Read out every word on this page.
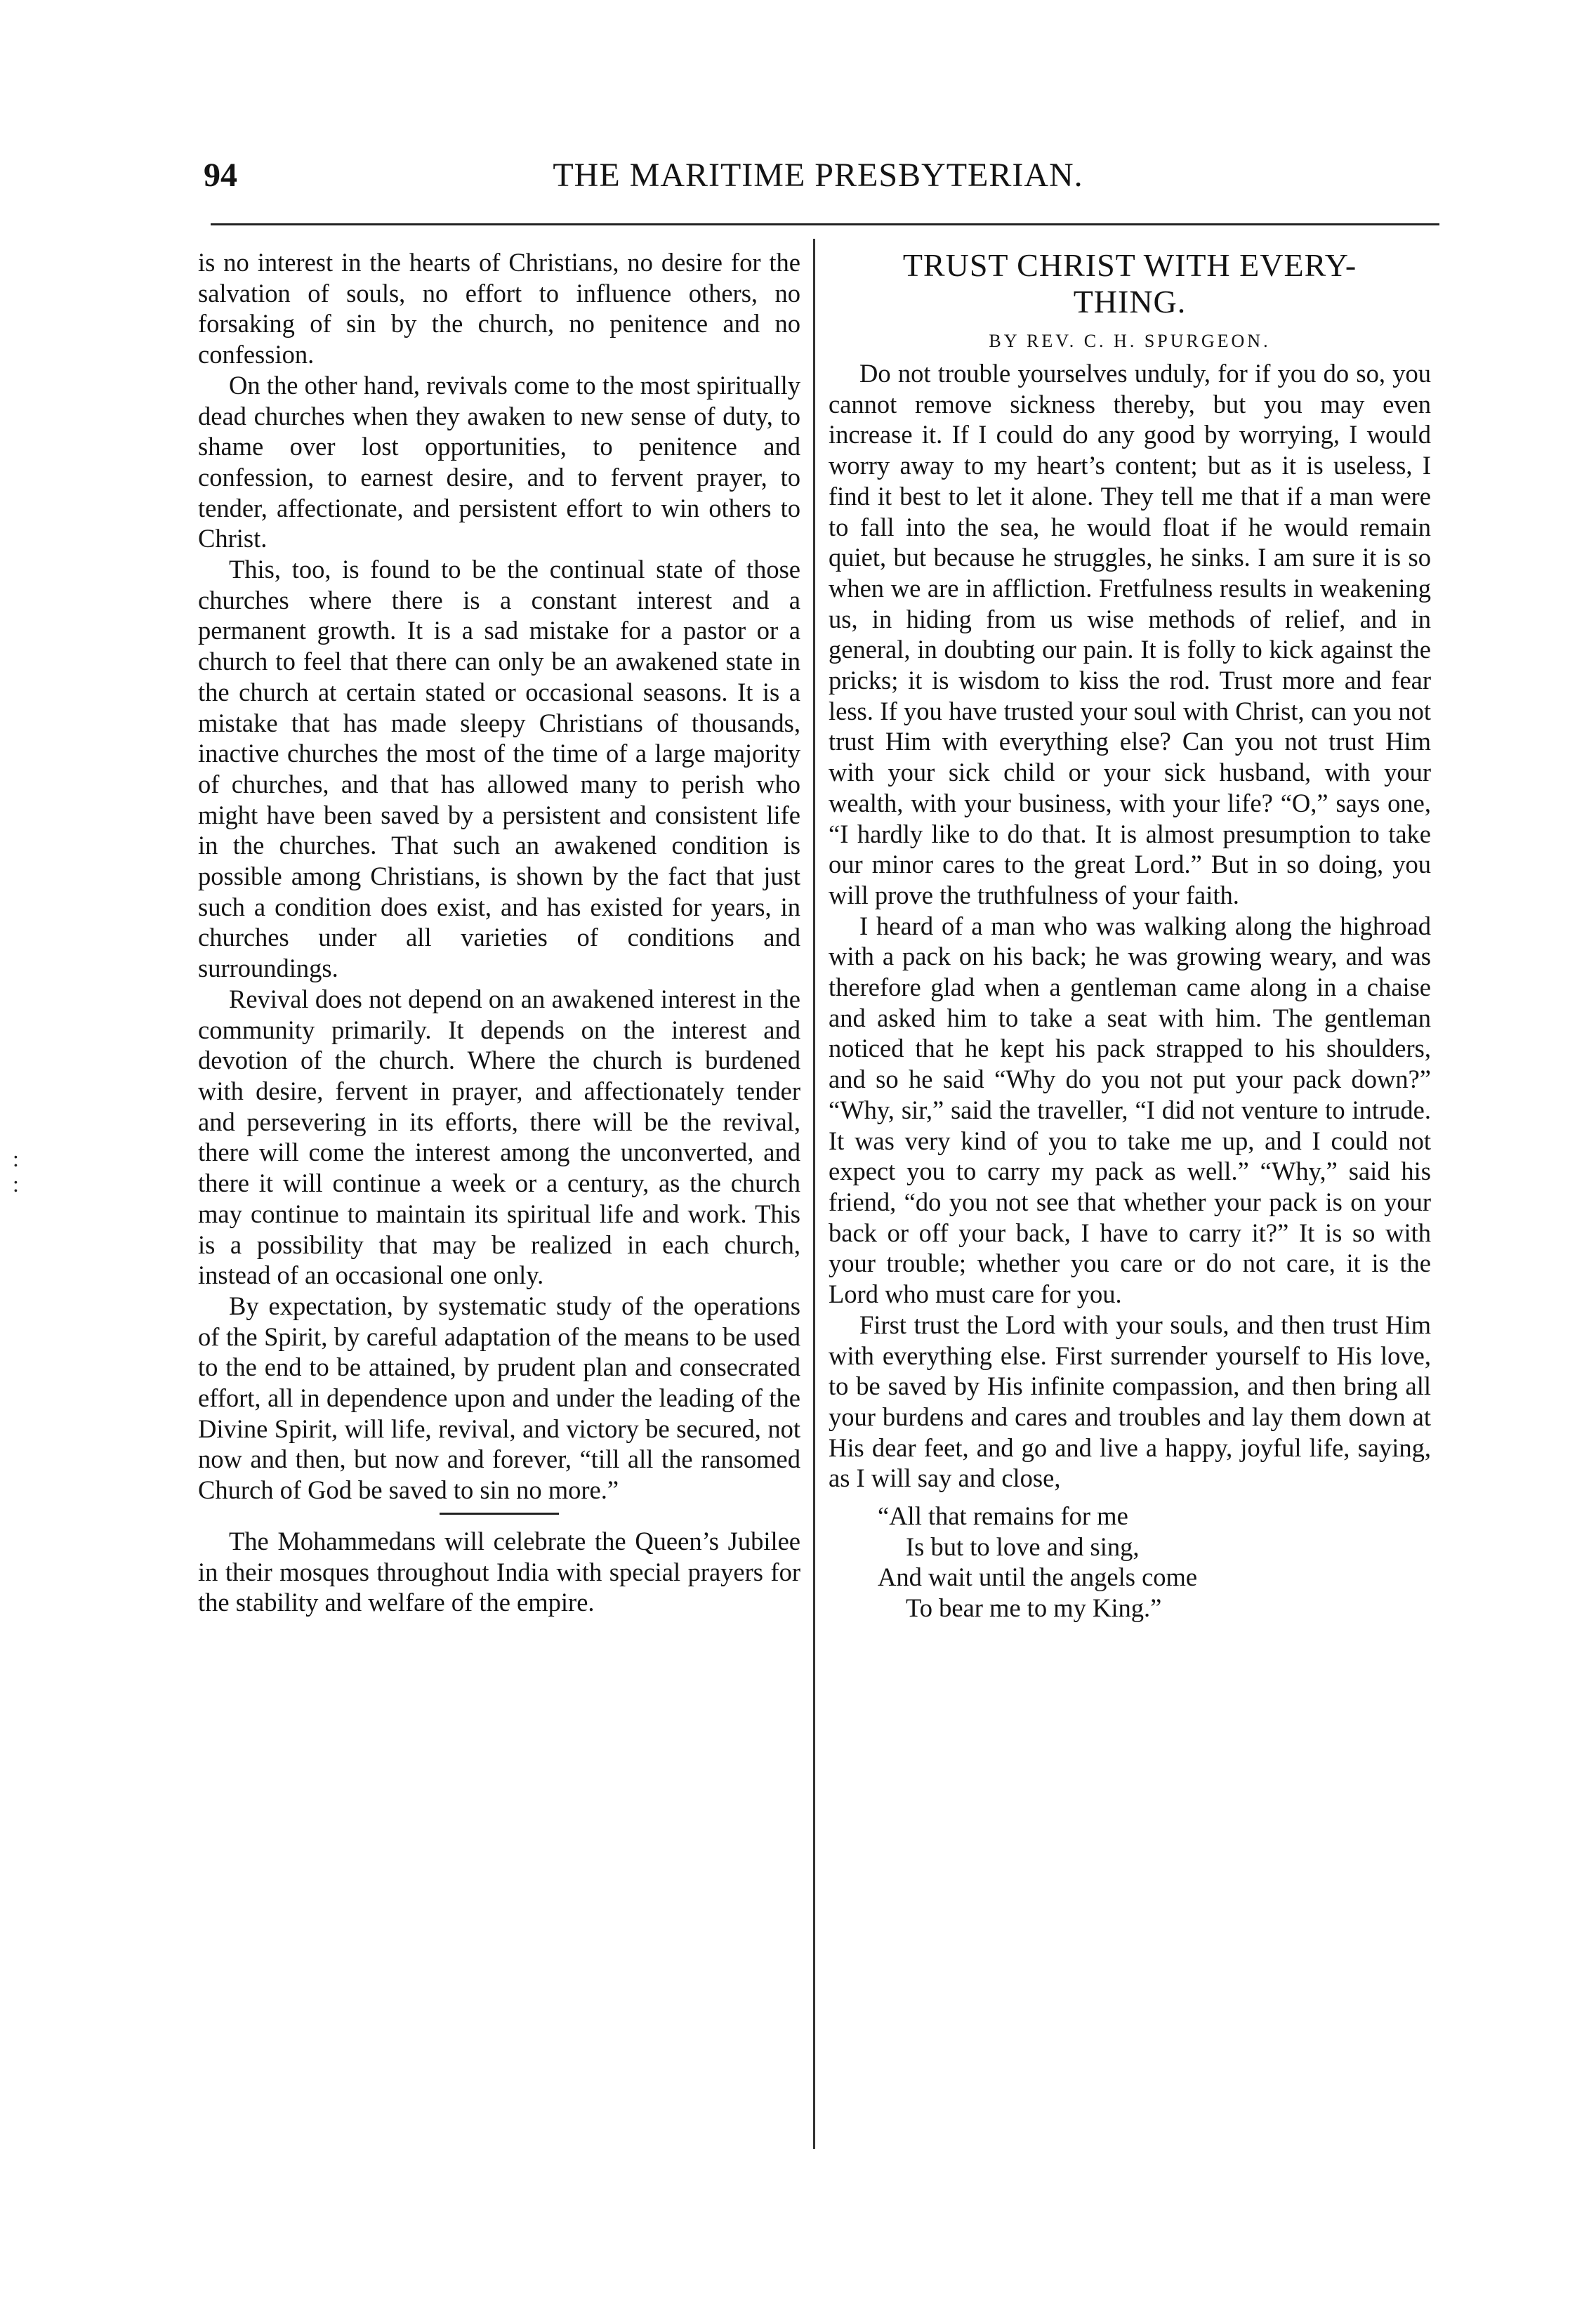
94	THE MARITIME PRESBYTERIAN.
:
:

is no interest in the hearts of Christians, no desire for the salvation of souls, no effort to influence others, no forsaking of sin by the church, no penitence and no confession.

On the other hand, revivals come to the most spiritually dead churches when they awaken to new sense of duty, to shame over lost opportunities, to penitence and confession, to earnest desire, and to fervent prayer, to tender, affectionate, and persistent effort to win others to Christ.

This, too, is found to be the continual state of those churches where there is a constant interest and a permanent growth. It is a sad mistake for a pastor or a church to feel that there can only be an awakened state in the church at certain stated or occasional seasons. It is a mistake that has made sleepy Christians of thousands, inactive churches the most of the time of a large majority of churches, and that has allowed many to perish who might have been saved by a persistent and consistent life in the churches. That such an awakened condition is possible among Christians, is shown by the fact that just such a condition does exist, and has existed for years, in churches under all varieties of conditions and surroundings.

Revival does not depend on an awakened interest in the community primarily. It depends on the interest and devotion of the church. Where the church is burdened with desire, fervent in prayer, and affectionately tender and persevering in its efforts, there will be the revival, there will come the interest among the unconverted, and there it will continue a week or a century, as the church may continue to maintain its spiritual life and work. This is a possibility that may be realized in each church, instead of an occasional one only.

By expectation, by systematic study of the operations of the Spirit, by careful adaptation of the means to be used to the end to be attained, by prudent plan and consecrated effort, all in dependence upon and under the leading of the Divine Spirit, will life, revival, and victory be secured, not now and then, but now and forever, “till all the ransomed Church of God be saved to sin no more.”

The Mohammedans will celebrate the Queen’s Jubilee in their mosques throughout India with special prayers for the stability and welfare of the empire.

TRUST CHRIST WITH EVERY-
THING.
BY REV. C. H. SPURGEON.

Do not trouble yourselves unduly, for if you do so, you cannot remove sickness thereby, but you may even increase it. If I could do any good by worrying, I would worry away to my heart’s content; but as it is useless, I find it best to let it alone. They tell me that if a man were to fall into the sea, he would float if he would remain quiet, but because he struggles, he sinks. I am sure it is so when we are in affliction. Fretfulness results in weakening us, in hiding from us wise methods of relief, and in general, in doubting our pain. It is folly to kick against the pricks; it is wisdom to kiss the rod. Trust more and fear less. If you have trusted your soul with Christ, can you not trust Him with everything else? Can you not trust Him with your sick child or your sick husband, with your wealth, with your business, with your life? “O,” says one, “I hardly like to do that. It is almost presumption to take our minor cares to the great Lord.” But in so doing, you will prove the truthfulness of your faith.

I heard of a man who was walking along the highroad with a pack on his back; he was growing weary, and was therefore glad when a gentleman came along in a chaise and asked him to take a seat with him. The gentleman noticed that he kept his pack strapped to his shoulders, and so he said “Why do you not put your pack down?” “Why, sir,” said the traveller, “I did not venture to intrude. It was very kind of you to take me up, and I could not expect you to carry my pack as well.” “Why,” said his friend, “do you not see that whether your pack is on your back or off your back, I have to carry it?” It is so with your trouble; whether you care or do not care, it is the Lord who must care for you.

First trust the Lord with your souls, and then trust Him with everything else. First surrender yourself to His love, to be saved by His infinite compassion, and then bring all your burdens and cares and troubles and lay them down at His dear feet, and go and live a happy, joyful life, saying, as I will say and close,

“All that remains for me
Is but to love and sing,
And wait until the angels come
To bear me to my King.”
